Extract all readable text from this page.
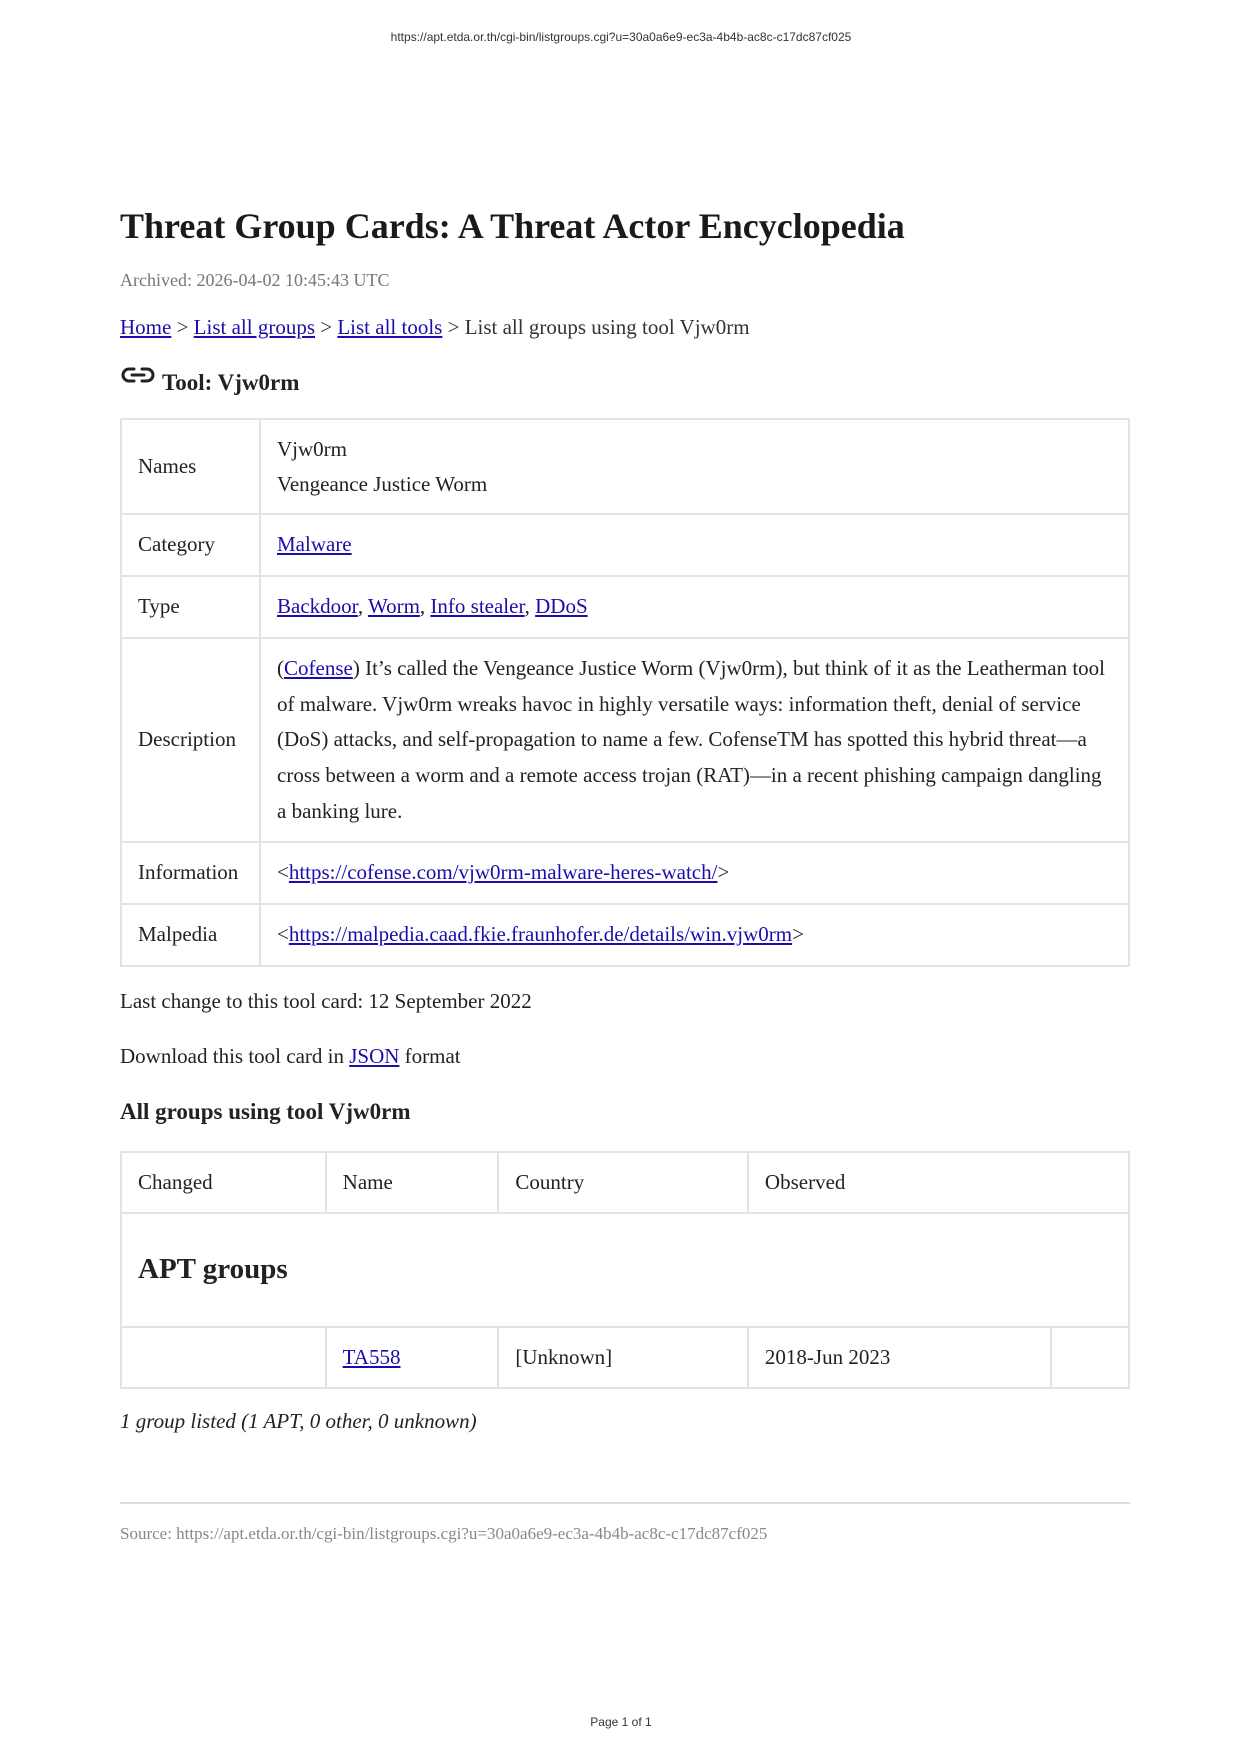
https://apt.etda.or.th/cgi-bin/listgroups.cgi?u=30a0a6e9-ec3a-4b4b-ac8c-c17dc87cf025
Threat Group Cards: A Threat Actor Encyclopedia
Archived: 2026-04-02 10:45:43 UTC
Home > List all groups > List all tools > List all groups using tool Vjw0rm
Tool: Vjw0rm
Names	Vjw0rm
Vengeance Justice Worm

Category	Malware
Type	Backdoor, Worm, Info stealer, DDoS
Description	(Cofense) It’s called the Vengeance Justice Worm (Vjw0rm), but think of it as the Leatherman tool of malware. Vjw0rm wreaks havoc in highly versatile ways: information theft, denial of service (DoS) attacks, and self-propagation to name a few. CofenseTM has spotted this hybrid threat—a cross between a worm and a remote access trojan (RAT)—in a recent phishing campaign dangling a banking lure.
Information	<https://cofense.com/vjw0rm-malware-heres-watch/>
Malpedia	<https://malpedia.caad.fkie.fraunhofer.de/details/win.vjw0rm>
Last change to this tool card: 12 September 2022
Download this tool card in JSON format
All groups using tool Vjw0rm
Changed	Name	Country	Observed	
APT groups				
	TA558	[Unknown]	2018-Jun 2023	
1 group listed (1 APT, 0 other, 0 unknown)
Source: https://apt.etda.or.th/cgi-bin/listgroups.cgi?u=30a0a6e9-ec3a-4b4b-ac8c-c17dc87cf025
Page 1 of 1
